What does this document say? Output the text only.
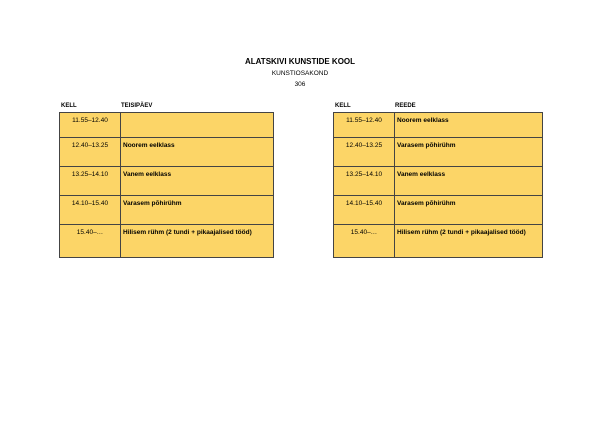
ALATSKIVI KUNSTIDE KOOL
KUNSTIOSAKOND
306
KELL	TEISIPÄEV
11.55–12.40	
12.40–13.25	Noorem eelklass
13.25–14.10	Vanem eelklass
14.10–15.40	Varasem põhirühm
15.40–…	Hilisem rühm (2 tundi + pikaajalised tööd)
KELL	REEDE
11.55–12.40	Noorem eelklass
12.40–13.25	Varasem põhirühm
13.25–14.10	Vanem eelklass
14.10–15.40	Varasem põhirühm
15.40–…	Hilisem rühm (2 tundi + pikaajalised tööd)
